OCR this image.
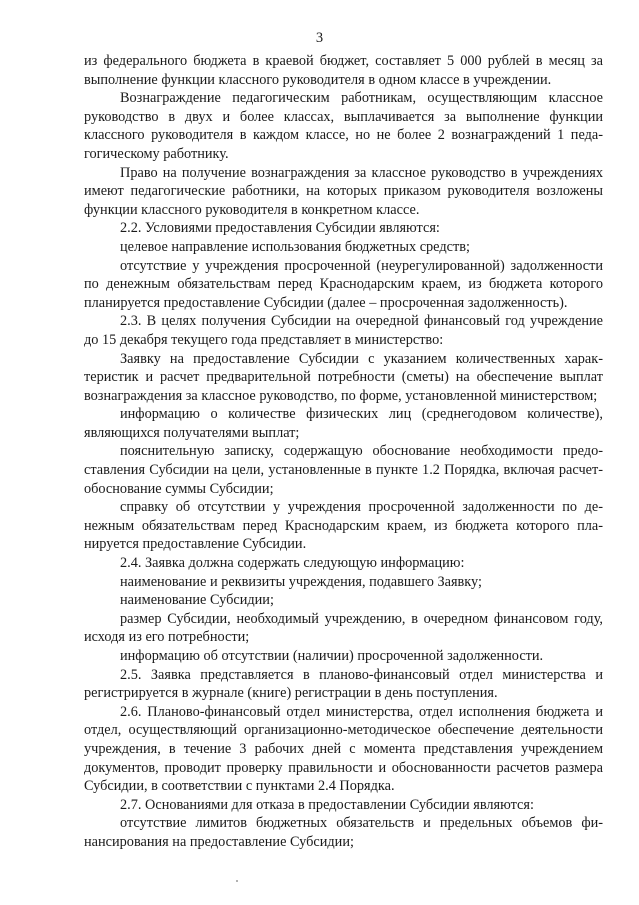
3

из федерального бюджета в краевой бюджет, составляет 5 000 рублей в месяц за выполнение функции классного руководителя в одном классе в учреждении.

Вознаграждение педагогическим работникам, осуществляющим классное руководство в двух и более классах, выплачивается за выполнение функции классного руководителя в каждом классе, но не более 2 вознаграждений 1 педагогическому работнику.

Право на получение вознаграждения за классное руководство в учреждениях имеют педагогические работники, на которых приказом руководителя возложены функции классного руководителя в конкретном классе.

2.2. Условиями предоставления Субсидии являются:

целевое направление использования бюджетных средств;

отсутствие у учреждения просроченной (неурегулированной) задолженности по денежным обязательствам перед Краснодарским краем, из бюджета которого планируется предоставление Субсидии (далее – просроченная задолженность).

2.3. В целях получения Субсидии на очередной финансовый год учреждение до 15 декабря текущего года представляет в министерство:

Заявку на предоставление Субсидии с указанием количественных характеристик и расчет предварительной потребности (сметы) на обеспечение выплат вознаграждения за классное руководство, по форме, установленной министерством;

информацию о количестве физических лиц (среднегодовом количестве), являющихся получателями выплат;

пояснительную записку, содержащую обоснование необходимости предоставления Субсидии на цели, установленные в пункте 1.2 Порядка, включая расчет-обоснование суммы Субсидии;

справку об отсутствии у учреждения просроченной задолженности по денежным обязательствам перед Краснодарским краем, из бюджета которого планируется предоставление Субсидии.

2.4. Заявка должна содержать следующую информацию:

наименование и реквизиты учреждения, подавшего Заявку;

наименование Субсидии;

размер Субсидии, необходимый учреждению, в очередном финансовом году, исходя из его потребности;

информацию об отсутствии (наличии) просроченной задолженности.

2.5. Заявка представляется в планово-финансовый отдел министерства и регистрируется в журнале (книге) регистрации в день поступления.

2.6. Планово-финансовый отдел министерства, отдел исполнения бюджета и отдел, осуществляющий организационно-методическое обеспечение деятельности учреждения, в течение 3 рабочих дней с момента представления учреждением документов, проводит проверку правильности и обоснованности расчетов размера Субсидии, в соответствии с пунктами 2.4 Порядка.

2.7. Основаниями для отказа в предоставлении Субсидии являются:

отсутствие лимитов бюджетных обязательств и предельных объемов финансирования на предоставление Субсидии;
